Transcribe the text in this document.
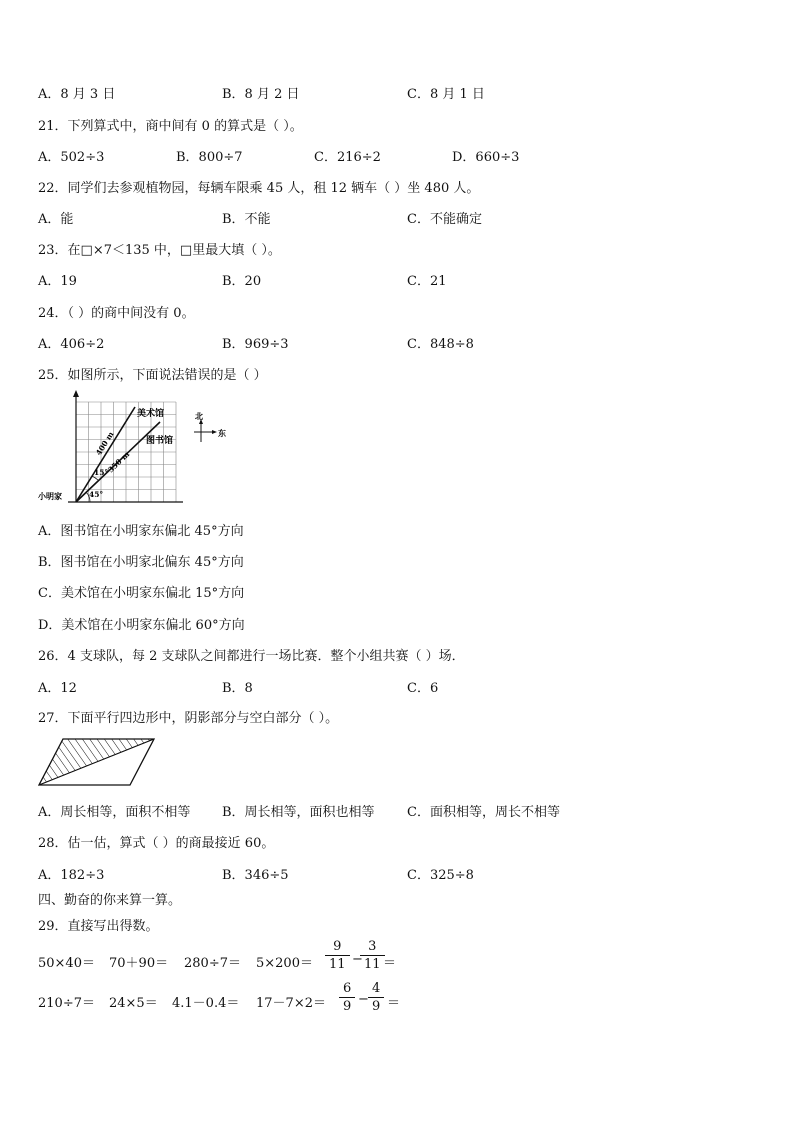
A．8 月 3 日	B．8 月 2 日	C．8 月 1 日
21．下列算式中，商中间有 0 的算式是（ ）。
A．502÷3	B．800÷7	C．216÷2	D．660÷3
22．同学们去参观植物园，每辆车限乘 45 人，租 12 辆车（ ）坐 480 人。
A．能	B．不能	C．不能确定
23．在□×7＜135 中，□里最大填（ ）。
A．19	B．20	C．21
24．（ ）的商中间没有 0。
A．406÷2	B．969÷3	C．848÷8
25．如图所示，下面说法错误的是（ ）
美术馆
图书馆
小明家
400 m
350 m
15°
45°
北
东
A．图书馆在小明家东偏北 45°方向
B．图书馆在小明家北偏东 45°方向
C．美术馆在小明家东偏北 15°方向
D．美术馆在小明家东偏北 60°方向
26．4 支球队，每 2 支球队之间都进行一场比赛．整个小组共赛（ ）场．
A．12	B．8	C．6
27．下面平行四边形中，阴影部分与空白部分（ ）。
A．周长相等，面积不相等 B．周长相等，面积也相等 C．面积相等，周长不相等
28．估一估，算式（ ）的商最接近 60。
A．182÷3	B．346÷5	C．325÷8
四、勤奋的你来算一算。
29．直接写出得数。
50×40＝ 70＋90＝ 280÷7＝ 5×200＝
9
11 −
3
11 ＝
210÷7＝ 24×5＝ 4.1－0.4＝ 17－7×2＝
6
9 −
4
9 ＝
